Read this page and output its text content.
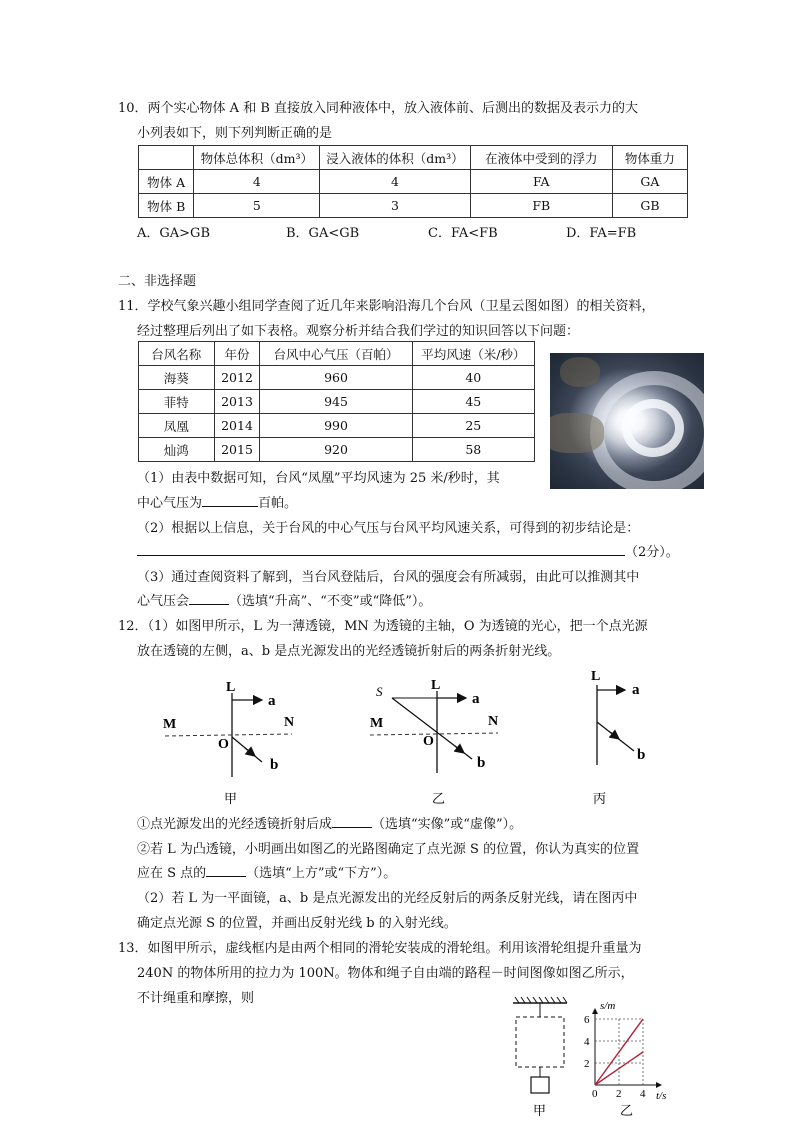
10．两个实心物体 A 和 B 直接放入同种液体中，放入液体前、后测出的数据及表示力的大
小列表如下，则下列判断正确的是
	物体总体积（dm³）	浸入液体的体积（dm³）	在液体中受到的浮力	物体重力
物体 A	4	4	FA	GA
物体 B	5	3	FB	GB
A．GA>GB	B．GA<GB	C．FA<FB	D．FA=FB
二、非选择题
11．学校气象兴趣小组同学查阅了近几年来影响沿海几个台风（卫星云图如图）的相关资料，
经过整理后列出了如下表格。观察分析并结合我们学过的知识回答以下问题：
台风名称	年份	台风中心气压（百帕）	平均风速（米/秒）
海葵	2012	960	40
菲特	2013	945	45
凤凰	2014	990	25
灿鸿	2015	920	58
（1）由表中数据可知，台风“凤凰”平均风速为 25 米/秒时，其
中心气压为	百帕。
（2）根据以上信息，关于台风的中心气压与台风平均风速关系，可得到的初步结论是：
（2分）。
（3）通过查阅资料了解到，当台风登陆后，台风的强度会有所减弱，由此可以推测其中
心气压会	（选填“升高”、“不变”或“降低”）。
12．（1）如图甲所示，L 为一薄透镜，MN 为透镜的主轴，O 为透镜的光心，把一个点光源
放在透镜的左侧，a、b 是点光源发出的光经透镜折射后的两条折射光线。
L
a
M	N
O
b
S	L
a
M	N
O
b
L
a
b
甲	乙	丙
①点光源发出的光经透镜折射后成	（选填“实像”或“虚像”）。
②若 L 为凸透镜，小明画出如图乙的光路图确定了点光源 S 的位置，你认为真实的位置
应在 S 点的	（选填“上方”或“下方”）。
（2）若 L 为一平面镜，a、b 是点光源发出的光经反射后的两条反射光线，请在图丙中
确定点光源 S 的位置，并画出反射光线 b 的入射光线。
13．如图甲所示，虚线框内是由两个相同的滑轮安装成的滑轮组。利用该滑轮组提升重量为
240N 的物体所用的拉力为 100N。物体和绳子自由端的路程－时间图像如图乙所示，
不计绳重和摩擦，则
甲
s/m
t/s
0 2 4
2
4
6
乙
